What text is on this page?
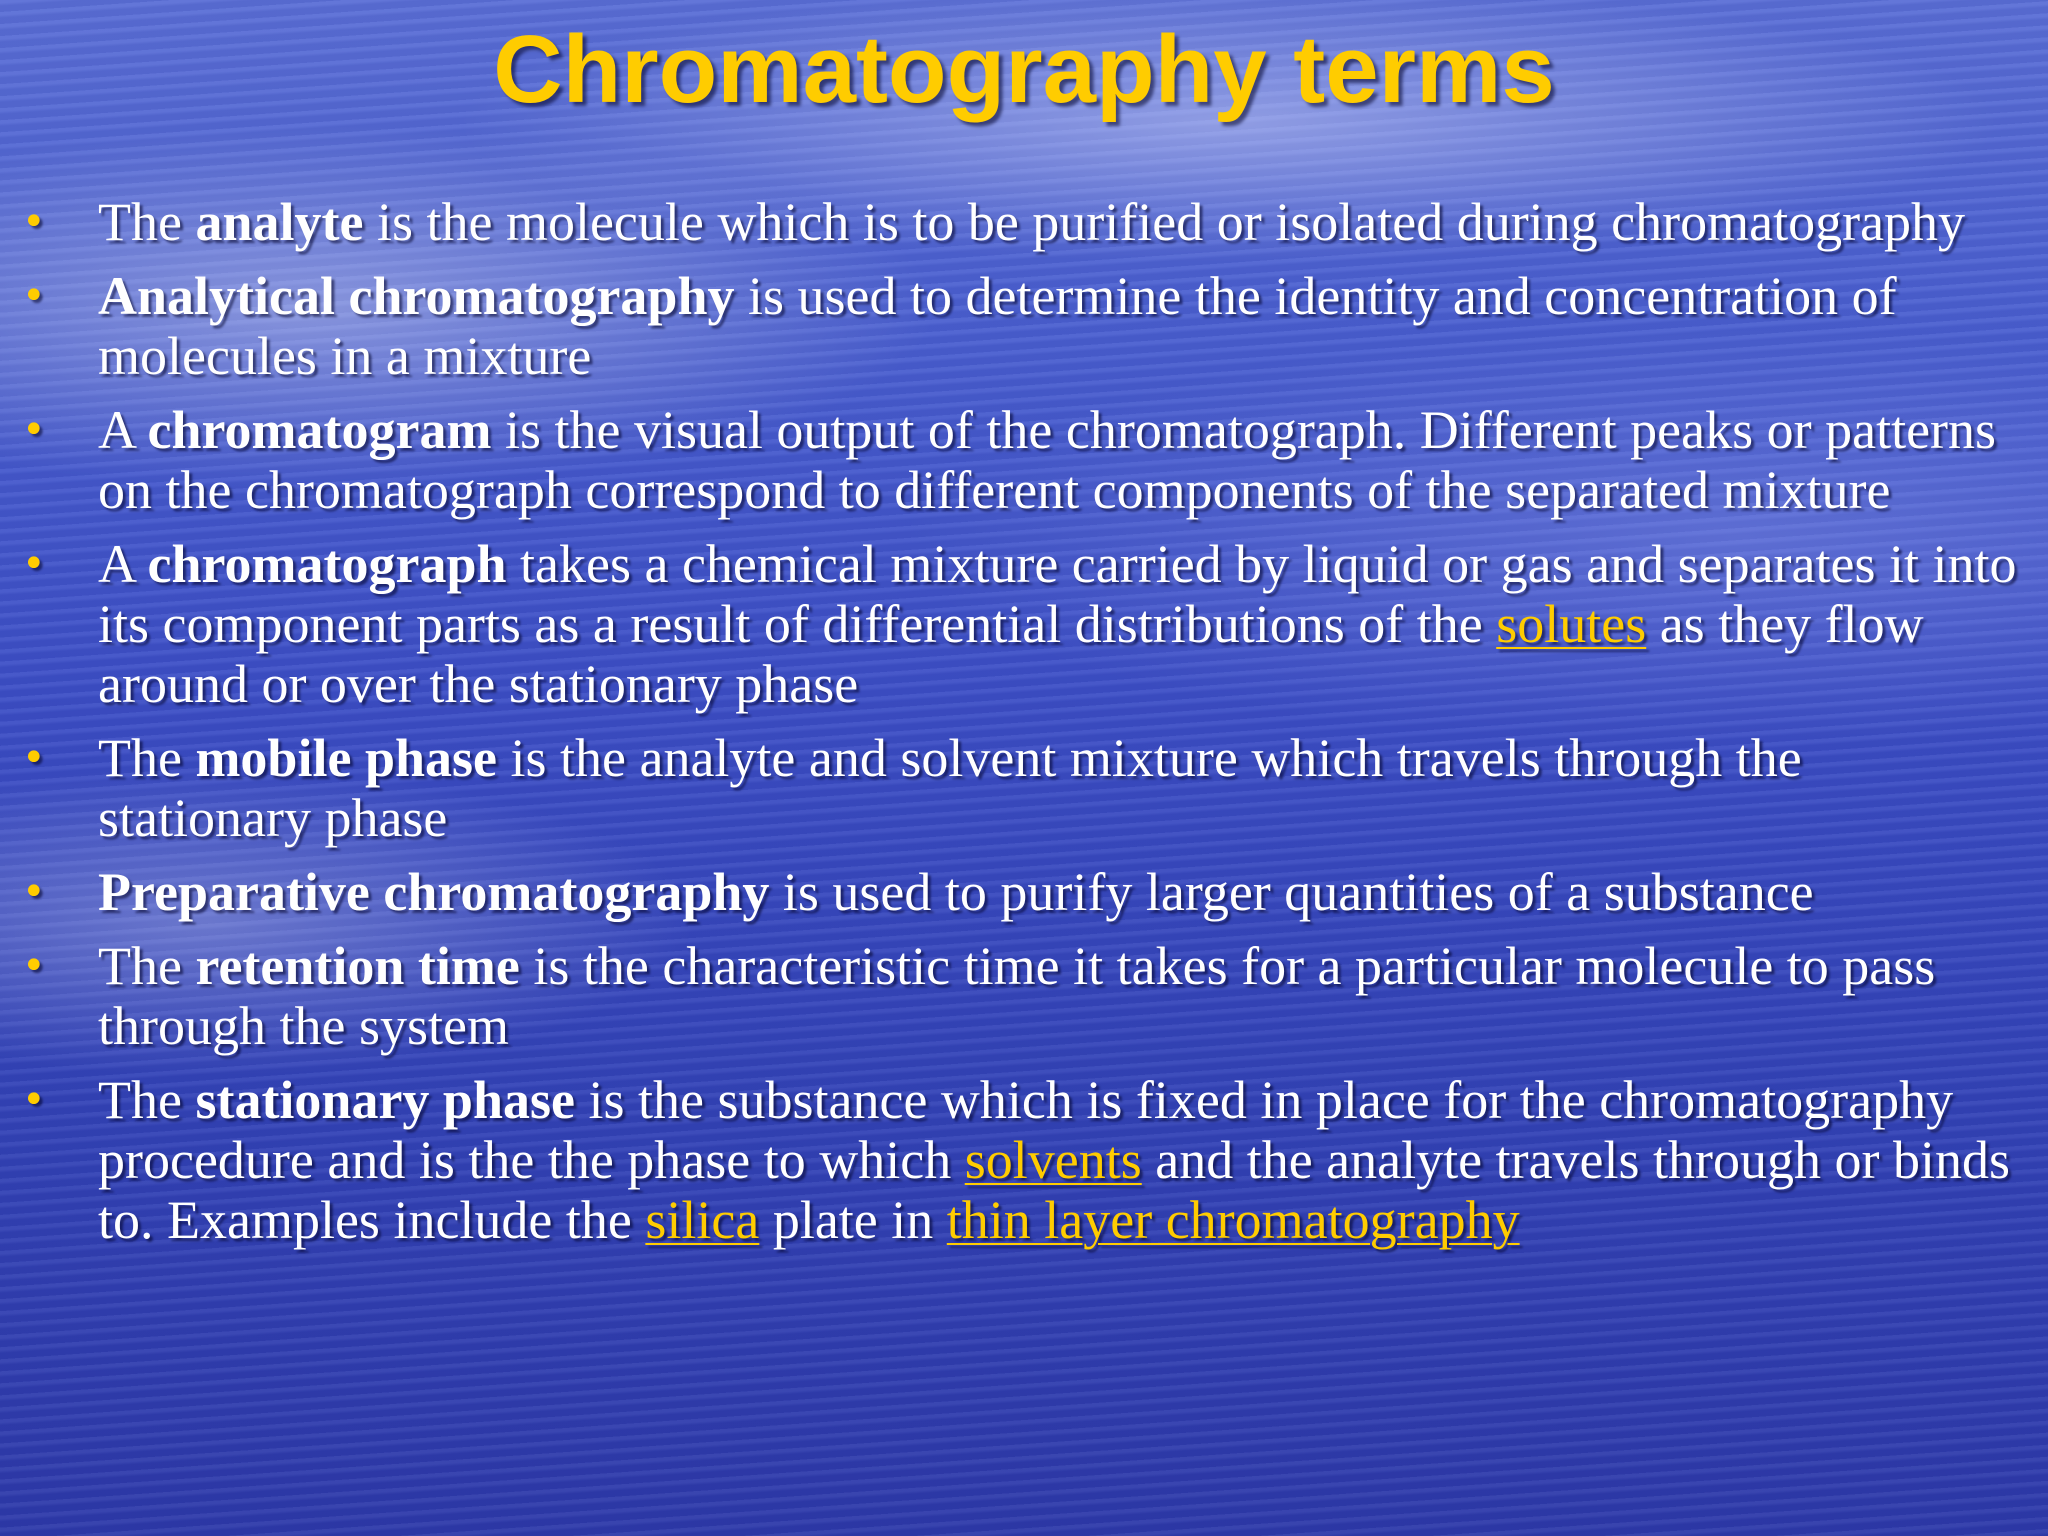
Chromatography terms
• The analyte is the molecule which is to be purified or isolated during chromatography
• Analytical chromatography is used to determine the identity and concentration of molecules in a mixture
• A chromatogram is the visual output of the chromatograph. Different peaks or patterns on the chromatograph correspond to different components of the separated mixture
• A chromatograph takes a chemical mixture carried by liquid or gas and separates it into its component parts as a result of differential distributions of the solutes as they flow around or over the stationary phase
• The mobile phase is the analyte and solvent mixture which travels through the stationary phase
• Preparative chromatography is used to purify larger quantities of a substance
• The retention time is the characteristic time it takes for a particular molecule to pass through the system
• The stationary phase is the substance which is fixed in place for the chromatography procedure and is the the phase to which solvents and the analyte travels through or binds to. Examples include the silica plate in thin layer chromatography
